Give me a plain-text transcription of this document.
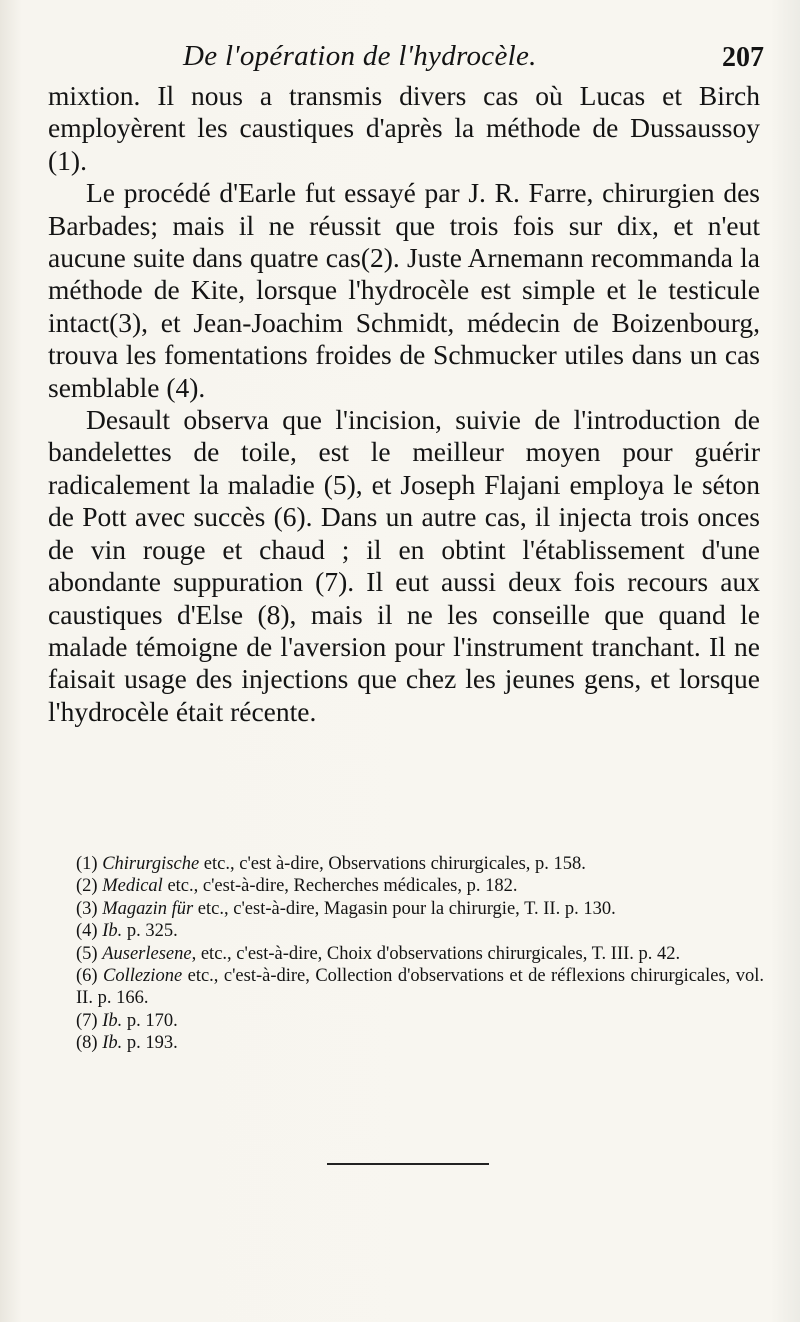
De l'opération de l'hydrocèle.	207

mixtion. Il nous a transmis divers cas où Lucas et Birch employèrent les caustiques d'après la méthode de Dussaussoy (1).

Le procédé d'Earle fut essayé par J. R. Farre, chirurgien des Barbades; mais il ne réussit que trois fois sur dix, et n'eut aucune suite dans quatre cas(2). Juste Arnemann recommanda la méthode de Kite, lorsque l'hydrocèle est simple et le testicule intact(3), et Jean-Joachim Schmidt, médecin de Boizenbourg, trouva les fomentations froides de Schmucker utiles dans un cas semblable (4).

Desault observa que l'incision, suivie de l'introduction de bandelettes de toile, est le meilleur moyen pour guérir radicalement la maladie (5), et Joseph Flajani employa le séton de Pott avec succès (6). Dans un autre cas, il injecta trois onces de vin rouge et chaud ; il en obtint l'établissement d'une abondante suppuration (7). Il eut aussi deux fois recours aux caustiques d'Else (8), mais il ne les conseille que quand le malade témoigne de l'aversion pour l'instrument tranchant. Il ne faisait usage des injections que chez les jeunes gens, et lorsque l'hydrocèle était récente.

(1) Chirurgische etc., c'est à-dire, Observations chirurgicales, p. 158.

(2) Medical etc., c'est-à-dire, Recherches médicales, p. 182.

(3) Magazin für etc., c'est-à-dire, Magasin pour la chirurgie, T. II. p. 130.

(4) Ib. p. 325.

(5) Auserlesene, etc., c'est-à-dire, Choix d'observations chirurgicales, T. III. p. 42.

(6) Collezione etc., c'est-à-dire, Collection d'observations et de réflexions chirurgicales, vol. II. p. 166.

(7) Ib. p. 170.

(8) Ib. p. 193.
